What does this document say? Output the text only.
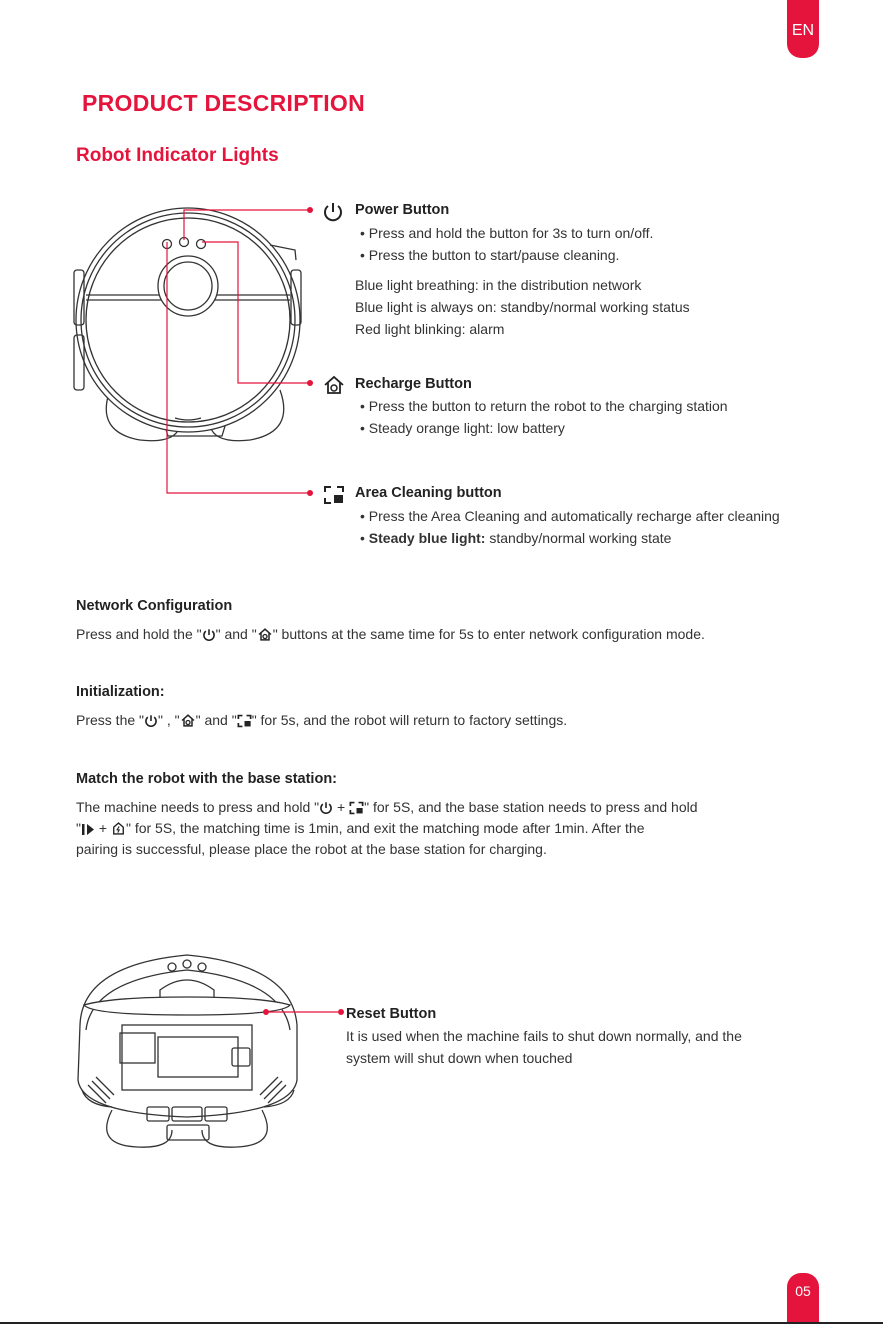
EN
05
PRODUCT DESCRIPTION
Robot Indicator Lights
Power Button
• Press and hold the button for 3s to turn on/off.
• Press the button to start/pause cleaning.
Blue light breathing: in the distribution network
Blue light is always on: standby/normal working status
Red light blinking: alarm
Recharge Button
• Press the button to return the robot to the charging station
• Steady orange light: low battery
Area Cleaning button
• Press the Area Cleaning and automatically recharge after cleaning
• Steady blue light: standby/normal working state
Network Configuration
Press and hold the " " and " " buttons at the same time for 5s to enter network configuration mode.
Initialization:
Press the " " , " " and " " for 5s, and the robot will return to factory settings.
Match the robot with the base station:
The machine needs to press and hold " + " for 5S, and the base station needs to press and hold
" + " for 5S, the matching time is 1min, and exit the matching mode after 1min. After the
pairing is successful, please place the robot at the base station for charging.
Reset Button
It is used when the machine fails to shut down normally, and the
system will shut down when touched
